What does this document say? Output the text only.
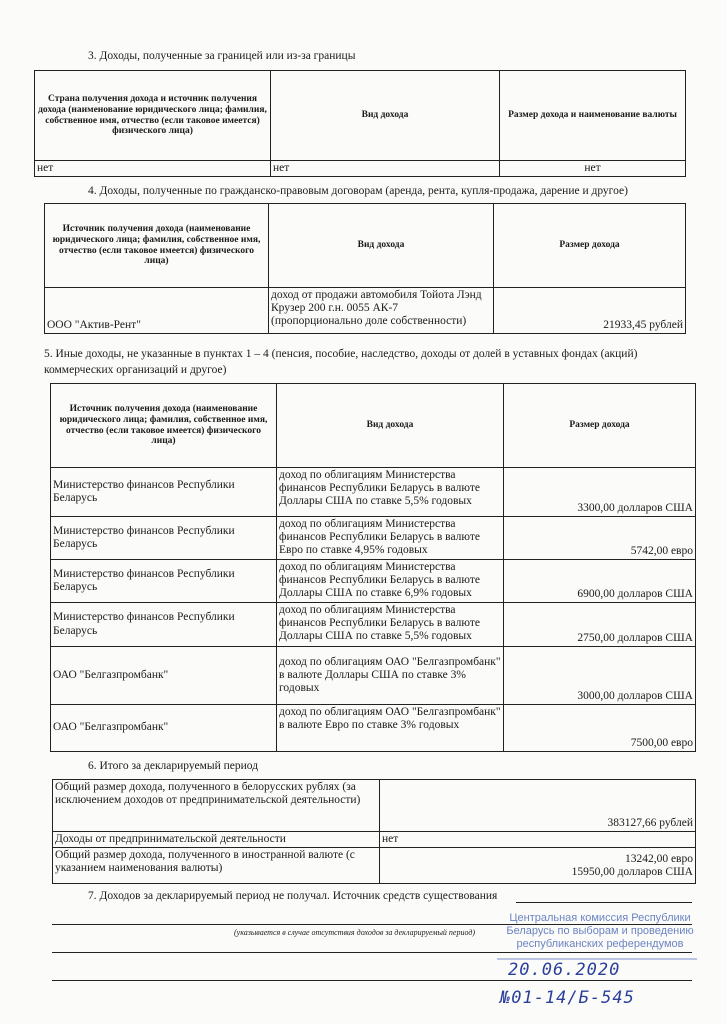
3. Доходы, полученные за границей или из-за границы
Страна получения дохода и источник получения дохода (наименование юридического лица; фамилия, собственное имя, отчество (если таковое имеется) физического лица)	Вид дохода	Размер дохода и наименование валюты
нет	нет	нет
4. Доходы, полученные по гражданско-правовым договорам (аренда, рента, купля-продажа, дарение и другое)
Источник получения дохода (наименование юридического лица; фамилия, собственное имя, отчество (если таковое имеется) физического лица)	Вид дохода	Размер дохода
ООО "Актив-Рент"	доход от продажи автомобиля Тойота Лэнд Крузер 200 г.н. 0055 АК-7 (пропорционально доле собственности)	21933,45 рублей
5. Иные доходы, не указанные в пунктах 1 – 4 (пенсия, пособие, наследство, доходы от долей в уставных фондах (акций) коммерческих организаций и другое)
Источник получения дохода (наименование юридического лица; фамилия, собственное имя, отчество (если таковое имеется) физического лица)	Вид дохода	Размер дохода
Министерство финансов Республики Беларусь	доход по облигациям Министерства финансов Республики Беларусь в валюте Доллары США по ставке 5,5% годовых	3300,00 долларов США
Министерство финансов Республики Беларусь	доход по облигациям Министерства финансов Республики Беларусь в валюте Евро по ставке 4,95% годовых	5742,00 евро
Министерство финансов Республики Беларусь	доход по облигациям Министерства финансов Республики Беларусь в валюте Доллары США по ставке 6,9% годовых	6900,00 долларов США
Министерство финансов Республики Беларусь	доход по облигациям Министерства финансов Республики Беларусь в валюте Доллары США по ставке 5,5% годовых	2750,00 долларов США
ОАО "Белгазпромбанк"	доход по облигациям ОАО "Белгазпромбанк" в валюте Доллары США по ставке 3% годовых	3000,00 долларов США
ОАО "Белгазпромбанк"	доход по облигациям ОАО "Белгазпромбанк" в валюте Евро по ставке 3% годовых	7500,00 евро
6. Итого за декларируемый период
Общий размер дохода, полученного в белорусских рублях (за исключением доходов от предпринимательской деятельности)	383127,66 рублей
Доходы от предпринимательской деятельности	нет
Общий размер дохода, полученного в иностранной валюте (с указанием наименования валюты)	13242,00 евро
15950,00 долларов США
7. Доходов за декларируемый период не получал. Источник средств существования
(указывается в случае отсутствия доходов за декларируемый период)
Центральная комиссия Республики
Беларусь по выборам и проведению
республиканских референдумов
20.06.2020
№01-14/Б-545
